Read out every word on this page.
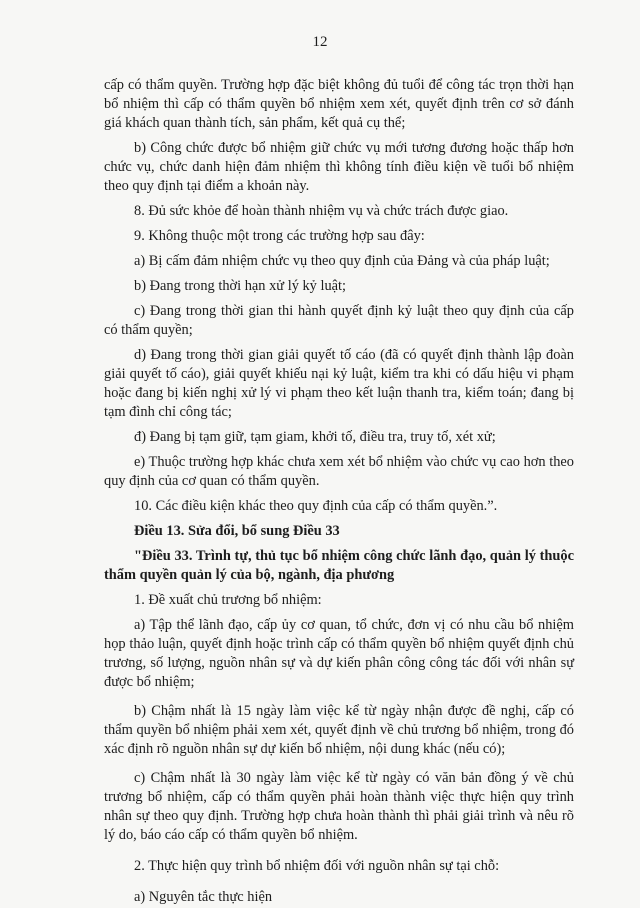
12

cấp có thẩm quyền. Trường hợp đặc biệt không đủ tuổi để công tác trọn thời hạn bổ nhiệm thì cấp có thẩm quyền bổ nhiệm xem xét, quyết định trên cơ sở đánh giá khách quan thành tích, sản phẩm, kết quả cụ thể;

b) Công chức được bổ nhiệm giữ chức vụ mới tương đương hoặc thấp hơn chức vụ, chức danh hiện đảm nhiệm thì không tính điều kiện về tuổi bổ nhiệm theo quy định tại điểm a khoản này.

8. Đủ sức khỏe để hoàn thành nhiệm vụ và chức trách được giao.

9. Không thuộc một trong các trường hợp sau đây:

a) Bị cấm đảm nhiệm chức vụ theo quy định của Đảng và của pháp luật;

b) Đang trong thời hạn xử lý kỷ luật;

c) Đang trong thời gian thi hành quyết định kỷ luật theo quy định của cấp có thẩm quyền;

d) Đang trong thời gian giải quyết tố cáo (đã có quyết định thành lập đoàn giải quyết tố cáo), giải quyết khiếu nại kỷ luật, kiểm tra khi có dấu hiệu vi phạm hoặc đang bị kiến nghị xử lý vi phạm theo kết luận thanh tra, kiểm toán; đang bị tạm đình chỉ công tác;

đ) Đang bị tạm giữ, tạm giam, khởi tố, điều tra, truy tố, xét xử;

e) Thuộc trường hợp khác chưa xem xét bổ nhiệm vào chức vụ cao hơn theo quy định của cơ quan có thẩm quyền.

10. Các điều kiện khác theo quy định của cấp có thẩm quyền.”.

Điều 13. Sửa đổi, bổ sung Điều 33

"Điều 33. Trình tự, thủ tục bổ nhiệm công chức lãnh đạo, quản lý thuộc thẩm quyền quản lý của bộ, ngành, địa phương

1. Đề xuất chủ trương bổ nhiệm:

a) Tập thể lãnh đạo, cấp ủy cơ quan, tổ chức, đơn vị có nhu cầu bổ nhiệm họp thảo luận, quyết định hoặc trình cấp có thẩm quyền bổ nhiệm quyết định chủ trương, số lượng, nguồn nhân sự và dự kiến phân công công tác đối với nhân sự được bổ nhiệm;

b) Chậm nhất là 15 ngày làm việc kể từ ngày nhận được đề nghị, cấp có thẩm quyền bổ nhiệm phải xem xét, quyết định về chủ trương bổ nhiệm, trong đó xác định rõ nguồn nhân sự dự kiến bổ nhiệm, nội dung khác (nếu có);

c) Chậm nhất là 30 ngày làm việc kể từ ngày có văn bản đồng ý về chủ trương bổ nhiệm, cấp có thẩm quyền phải hoàn thành việc thực hiện quy trình nhân sự theo quy định. Trường hợp chưa hoàn thành thì phải giải trình và nêu rõ lý do, báo cáo cấp có thẩm quyền bổ nhiệm.

2. Thực hiện quy trình bổ nhiệm đối với nguồn nhân sự tại chỗ:

a) Nguyên tắc thực hiện
